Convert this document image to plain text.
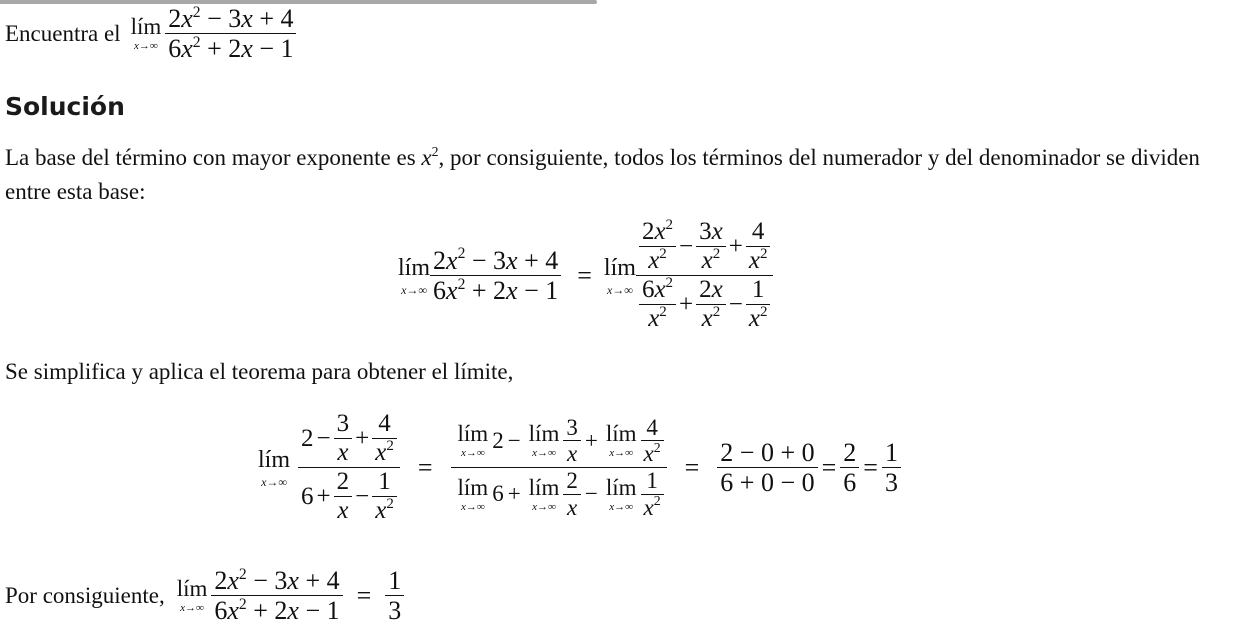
Encuentra el lím
$x\to\infty \frac{2x^2 - 3x + 4}{6x^2 + 2x - 1}$
Solución
La base del término con mayor exponente es $x^2$, por consiguiente, todos los términos del numerador y del denominador se dividen entre esta base:
lím
$x\to\infty \frac{2x^2 - 3x + 4}{6x^2 + 2x - 1}$ = lím
$x\to\infty \frac{\frac{2x^2}{x^2} - \frac{3x}{x^2} + \frac{4}{x^2}}{\frac{6x^2}{x^2} + \frac{2x}{x^2} - \frac{1}{x^2}}$
Se simplifica y aplica el teorema para obtener el límite,
lím
$x\to\infty \frac{2 - \frac{3}{x} + \frac{4}{x^2}}{6 + \frac{2}{x} - \frac{1}{x^2}}$ =
lím
x→∞
2 − lím
$x\to\infty \frac{3}{x}$ + lím
$x\to\infty \frac{4}{x^2}$
lím
x→∞
6 + lím
$x\to\infty \frac{2}{x}$ − lím
$x\to\infty \frac{1}{x^2}$
= $\frac{2 - 0 + 0}{6 + 0 - 0} = \frac{2}{6} = \frac{1}{3}$
Por consiguiente, lím
$x\to\infty \frac{2x^2 - 3x + 4}{6x^2 + 2x - 1} = \frac{1}{3}$
